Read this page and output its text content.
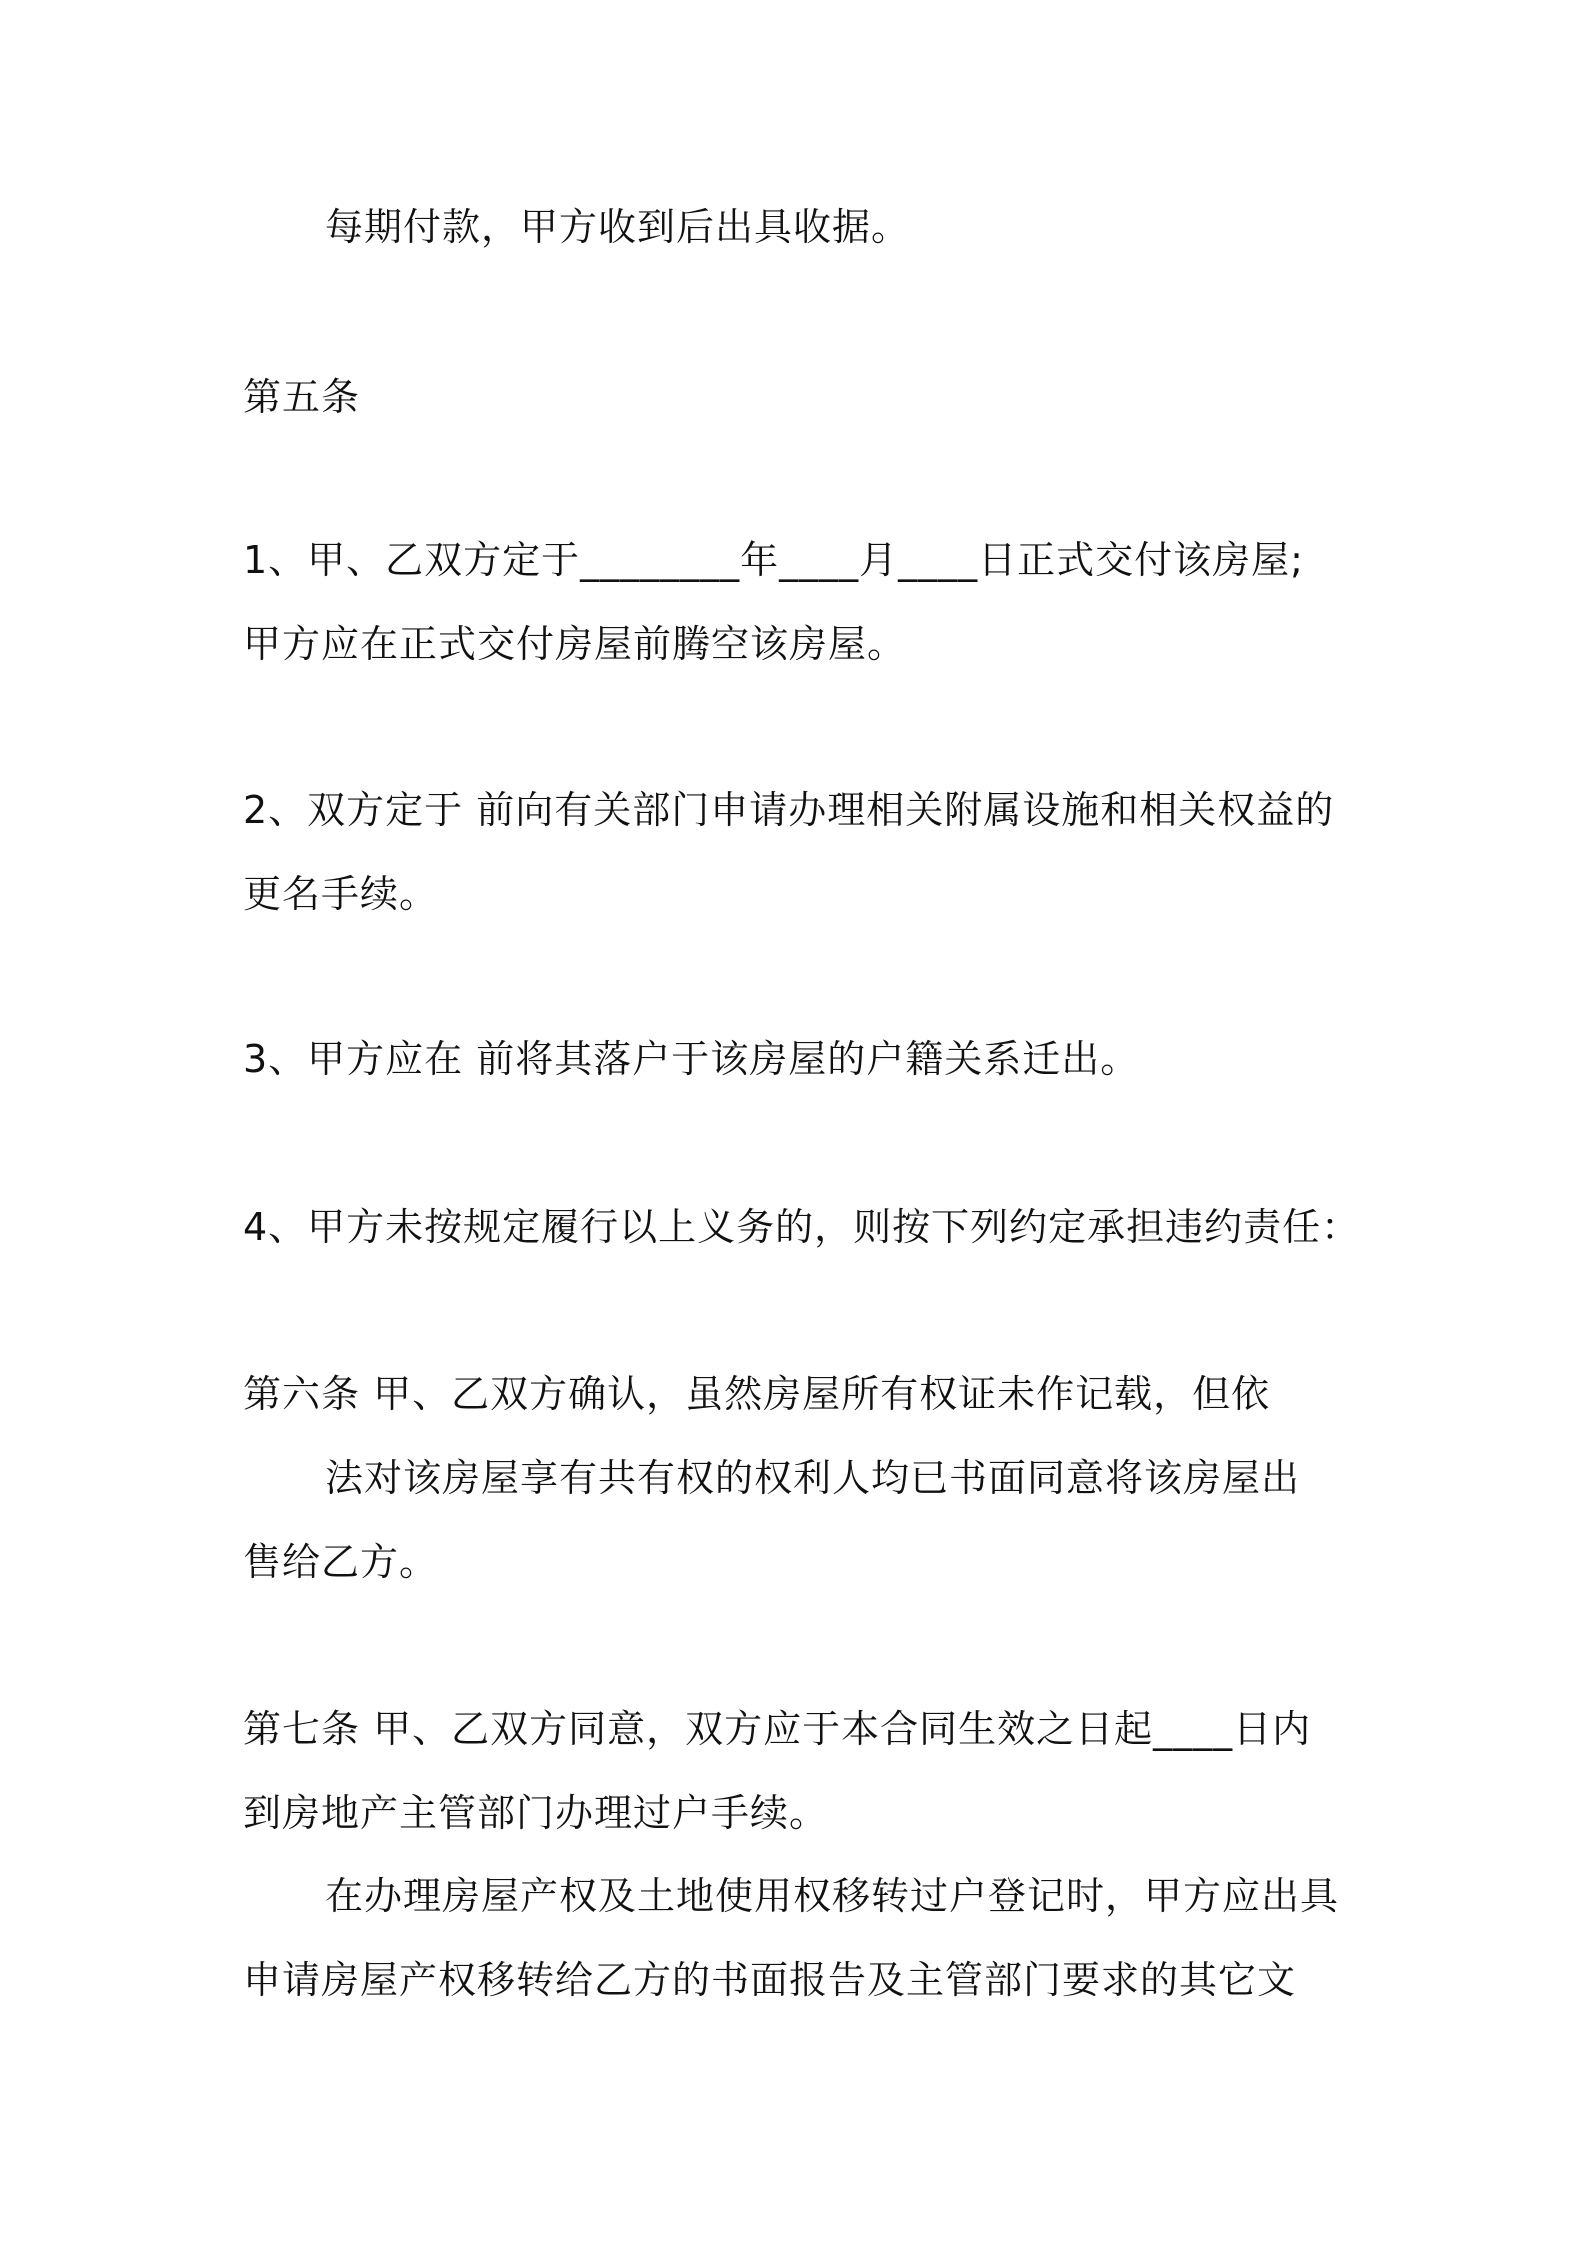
每期付款，甲方收到后出具收据。
第五条
1、甲、乙双方定于________年____月____日正式交付该房屋;
甲方应在正式交付房屋前腾空该房屋。
2、双方定于 前向有关部门申请办理相关附属设施和相关权益的
更名手续。
3、甲方应在 前将其落户于该房屋的户籍关系迁出。
4、甲方未按规定履行以上义务的，则按下列约定承担违约责任：
第六条 甲、乙双方确认，虽然房屋所有权证未作记载，但依
法对该房屋享有共有权的权利人均已书面同意将该房屋出
售给乙方。
第七条 甲、乙双方同意，双方应于本合同生效之日起____日内
到房地产主管部门办理过户手续。
在办理房屋产权及土地使用权移转过户登记时，甲方应出具
申请房屋产权移转给乙方的书面报告及主管部门要求的其它文
